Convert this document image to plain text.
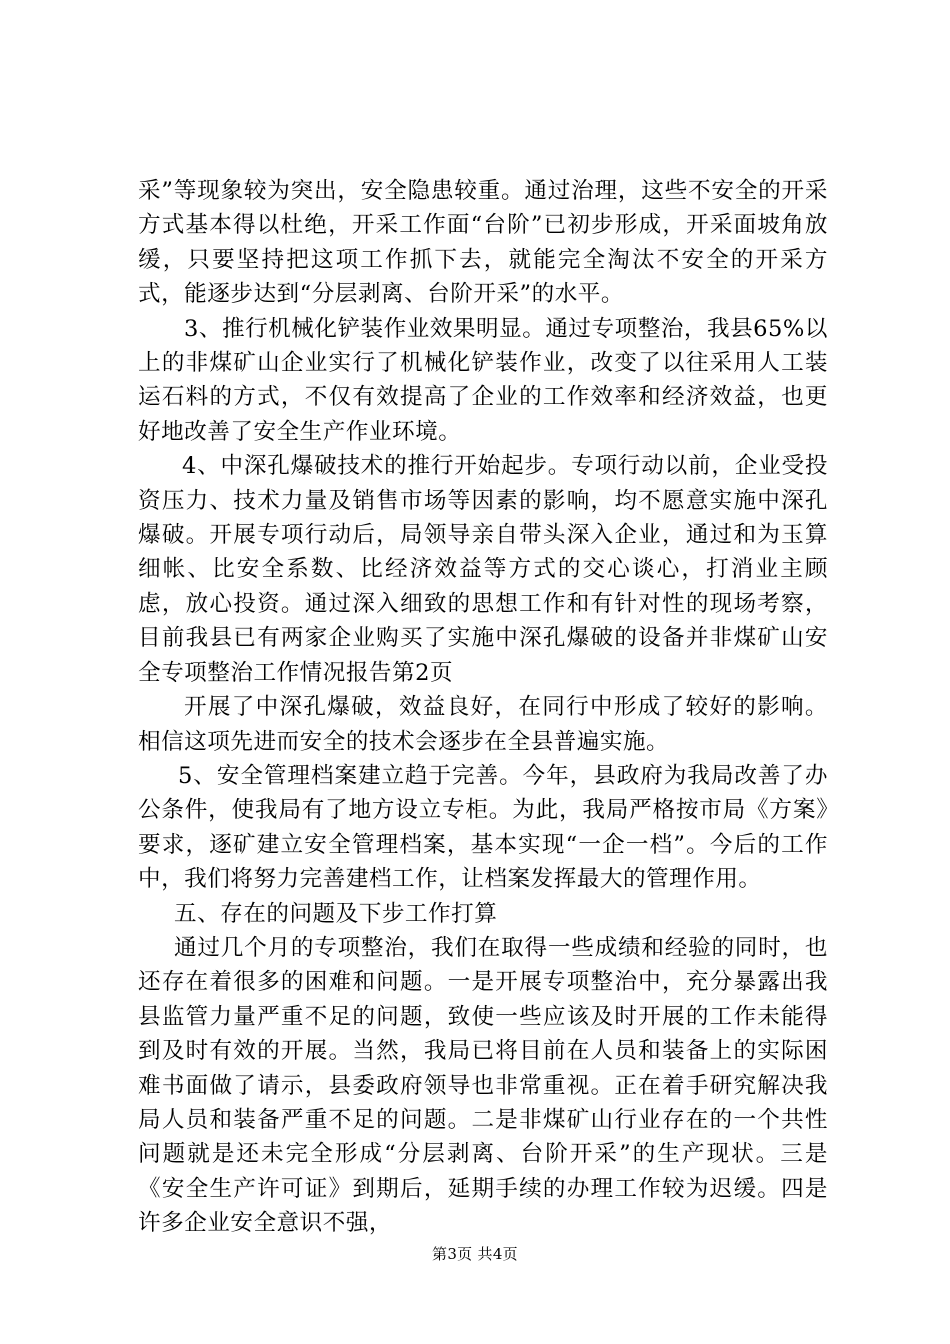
采”等现象较为突出，安全隐患较重。通过治理，这些不安全的开采方式基本得以杜绝，开采工作面“台阶”已初步形成，开采面坡角放缓，只要坚持把这项工作抓下去，就能完全淘汰不安全的开采方式，能逐步达到“分层剥离、台阶开采”的水平。

3、推行机械化铲装作业效果明显。通过专项整治，我县65%以上的非煤矿山企业实行了机械化铲装作业，改变了以往采用人工装运石料的方式，不仅有效提高了企业的工作效率和经济效益，也更好地改善了安全生产作业环境。

4、中深孔爆破技术的推行开始起步。专项行动以前，企业受投资压力、技术力量及销售市场等因素的影响，均不愿意实施中深孔爆破。开展专项行动后，局领导亲自带头深入企业，通过和为玉算细帐、比安全系数、比经济效益等方式的交心谈心，打消业主顾虑，放心投资。通过深入细致的思想工作和有针对性的现场考察，目前我县已有两家企业购买了实施中深孔爆破的设备并非煤矿山安全专项整治工作情况报告第2页

开展了中深孔爆破，效益良好，在同行中形成了较好的影响。相信这项先进而安全的技术会逐步在全县普遍实施。

5、安全管理档案建立趋于完善。今年，县政府为我局改善了办公条件，使我局有了地方设立专柜。为此，我局严格按市局《方案》要求，逐矿建立安全管理档案，基本实现“一企一档”。今后的工作中，我们将努力完善建档工作，让档案发挥最大的管理作用。

五、存在的问题及下步工作打算

通过几个月的专项整治，我们在取得一些成绩和经验的同时，也还存在着很多的困难和问题。一是开展专项整治中，充分暴露出我县监管力量严重不足的问题，致使一些应该及时开展的工作未能得到及时有效的开展。当然，我局已将目前在人员和装备上的实际困难书面做了请示，县委政府领导也非常重视。正在着手研究解决我局人员和装备严重不足的问题。二是非煤矿山行业存在的一个共性问题就是还未完全形成“分层剥离、台阶开采”的生产现状。三是《安全生产许可证》到期后，延期手续的办理工作较为迟缓。四是许多企业安全意识不强，

第3页 共4页
